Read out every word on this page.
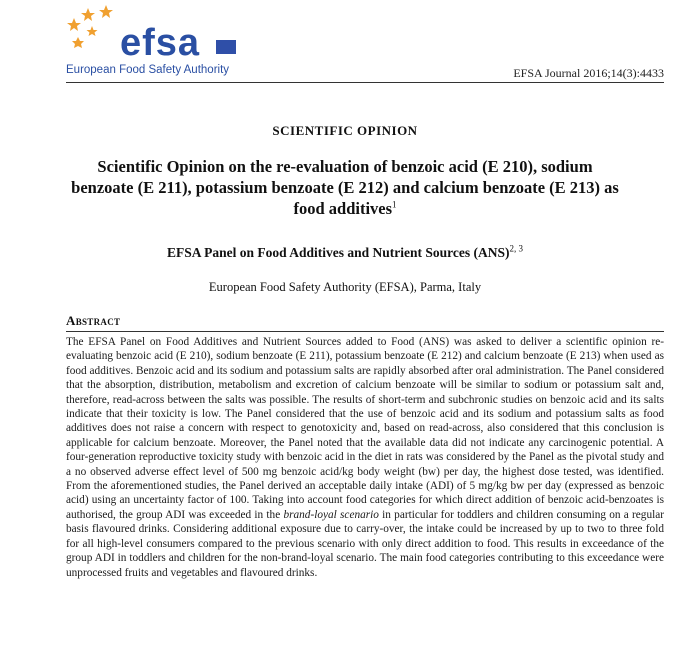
efsa
European Food Safety Authority	EFSA Journal 2016;14(3):4433
SCIENTIFIC OPINION
Scientific Opinion on the re-evaluation of benzoic acid (E 210), sodium benzoate (E 211), potassium benzoate (E 212) and calcium benzoate (E 213) as food additives$^1$
EFSA Panel on Food Additives and Nutrient Sources (ANS)$^{2, 3}$
European Food Safety Authority (EFSA), Parma, Italy
Abstract
The EFSA Panel on Food Additives and Nutrient Sources added to Food (ANS) was asked to deliver a scientific opinion re-evaluating benzoic acid (E 210), sodium benzoate (E 211), potassium benzoate (E 212) and calcium benzoate (E 213) when used as food additives. Benzoic acid and its sodium and potassium salts are rapidly absorbed after oral administration. The Panel considered that the absorption, distribution, metabolism and excretion of calcium benzoate will be similar to sodium or potassium salt and, therefore, read-across between the salts was possible. The results of short-term and subchronic studies on benzoic acid and its salts indicate that their toxicity is low. The Panel considered that the use of benzoic acid and its sodium and potassium salts as food additives does not raise a concern with respect to genotoxicity and, based on read-across, also considered that this conclusion is applicable for calcium benzoate. Moreover, the Panel noted that the available data did not indicate any carcinogenic potential. A four-generation reproductive toxicity study with benzoic acid in the diet in rats was considered by the Panel as the pivotal study and a no observed adverse effect level of 500 mg benzoic acid/kg body weight (bw) per day, the highest dose tested, was identified. From the aforementioned studies, the Panel derived an acceptable daily intake (ADI) of 5 mg/kg bw per day (expressed as benzoic acid) using an uncertainty factor of 100. Taking into account food categories for which direct addition of benzoic acid-benzoates is authorised, the group ADI was exceeded in the brand-loyal scenario in particular for toddlers and children consuming on a regular basis flavoured drinks. Considering additional exposure due to carry-over, the intake could be increased by up to two to three fold for all high-level consumers compared to the previous scenario with only direct addition to food. This results in exceedance of the group ADI in toddlers and children for the non-brand-loyal scenario. The main food categories contributing to this exceedance were unprocessed fruits and vegetables and flavoured drinks.
